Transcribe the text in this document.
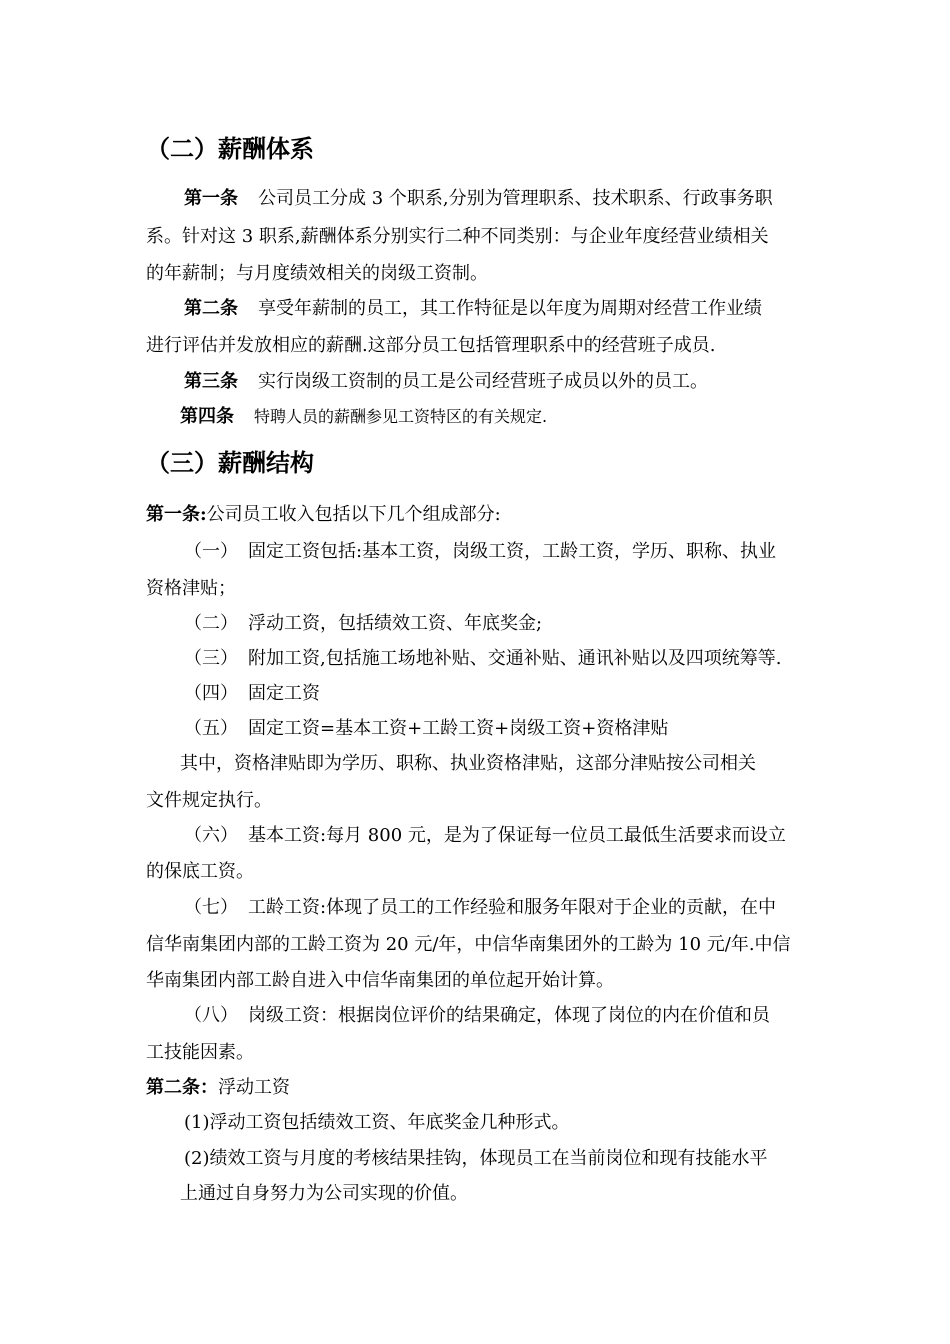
（二）薪酬体系
第一条 公司员工分成 3 个职系,分别为管理职系、技术职系、行政事务职
系。针对这 3 职系,薪酬体系分别实行二种不同类别：与企业年度经营业绩相关
的年薪制；与月度绩效相关的岗级工资制。
第二条 享受年薪制的员工，其工作特征是以年度为周期对经营工作业绩
进行评估并发放相应的薪酬.这部分员工包括管理职系中的经营班子成员.
第三条 实行岗级工资制的员工是公司经营班子成员以外的员工。
第四条 特聘人员的薪酬参见工资特区的有关规定.
（三）薪酬结构
第一条:公司员工收入包括以下几个组成部分:
（一） 固定工资包括:基本工资，岗级工资，工龄工资，学历、职称、执业
资格津贴；
（二） 浮动工资，包括绩效工资、年底奖金;
（三） 附加工资,包括施工场地补贴、交通补贴、通讯补贴以及四项统筹等.
（四） 固定工资
（五） 固定工资=基本工资+工龄工资+岗级工资+资格津贴
其中，资格津贴即为学历、职称、执业资格津贴，这部分津贴按公司相关
文件规定执行。
（六） 基本工资:每月 800 元，是为了保证每一位员工最低生活要求而设立
的保底工资。
（七） 工龄工资:体现了员工的工作经验和服务年限对于企业的贡献，在中
信华南集团内部的工龄工资为 20 元/年，中信华南集团外的工龄为 10 元/年.中信
华南集团内部工龄自进入中信华南集团的单位起开始计算。
（八） 岗级工资：根据岗位评价的结果确定，体现了岗位的内在价值和员
工技能因素。
第二条：浮动工资
(1)浮动工资包括绩效工资、年底奖金几种形式。
(2)绩效工资与月度的考核结果挂钩，体现员工在当前岗位和现有技能水平
上通过自身努力为公司实现的价值。
